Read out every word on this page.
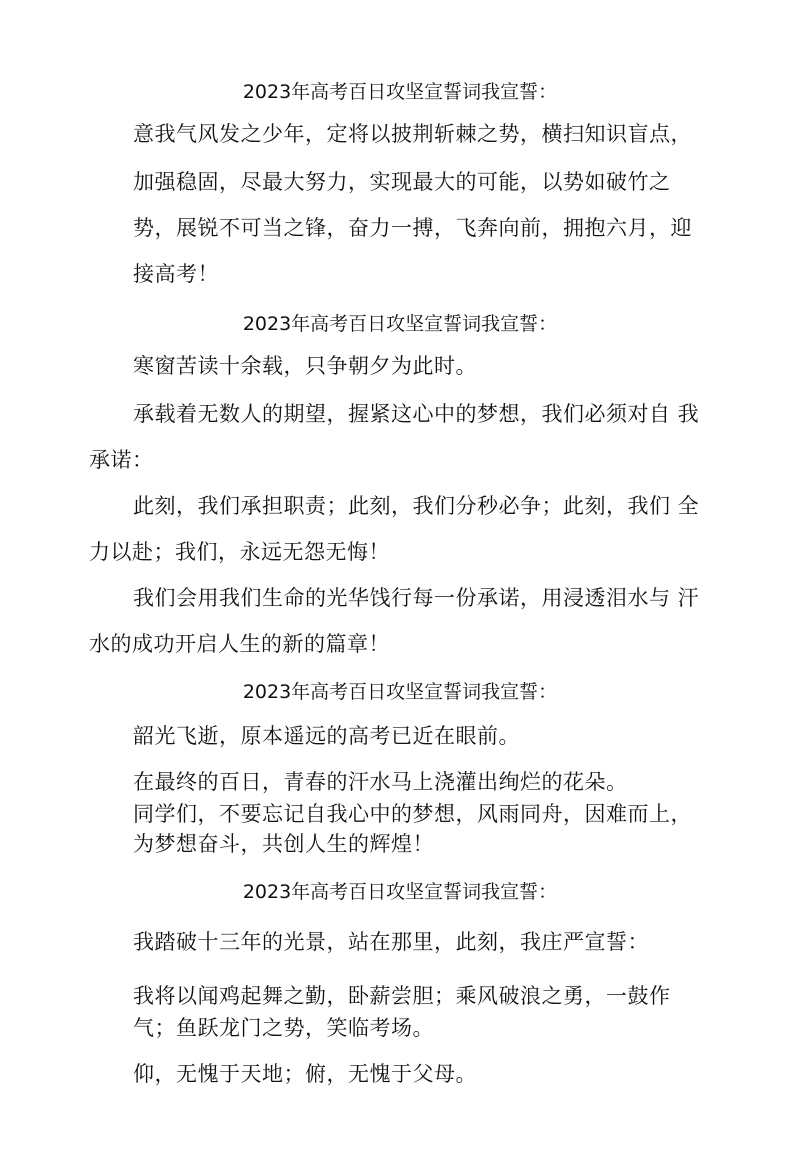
2023年高考百日攻坚宣誓词我宣誓：
意我气风发之少年，定将以披荆斩棘之势，横扫知识盲点，
加强稳固，尽最大努力，实现最大的可能，以势如破竹之
势，展锐不可当之锋，奋力一搏，飞奔向前，拥抱六月，迎
接高考！
2023年高考百日攻坚宣誓词我宣誓：
寒窗苦读十余载，只争朝夕为此时。
承载着无数人的期望，握紧这心中的梦想，我们必须对自 我
承诺：
此刻，我们承担职责；此刻，我们分秒必争；此刻，我们 全
力以赴；我们，永远无怨无悔！
我们会用我们生命的光华饯行每一份承诺，用浸透泪水与 汗
水的成功开启人生的新的篇章！
2023年高考百日攻坚宣誓词我宣誓：
韶光飞逝，原本遥远的高考已近在眼前。
在最终的百日，青春的汗水马上浇灌出绚烂的花朵。
同学们，不要忘记自我心中的梦想，风雨同舟，因难而上，
为梦想奋斗，共创人生的辉煌！
2023年高考百日攻坚宣誓词我宣誓：
我踏破十三年的光景，站在那里，此刻，我庄严宣誓：
我将以闻鸡起舞之勤，卧薪尝胆；乘风破浪之勇，一鼓作
气；鱼跃龙门之势，笑临考场。
仰，无愧于天地；俯，无愧于父母。
